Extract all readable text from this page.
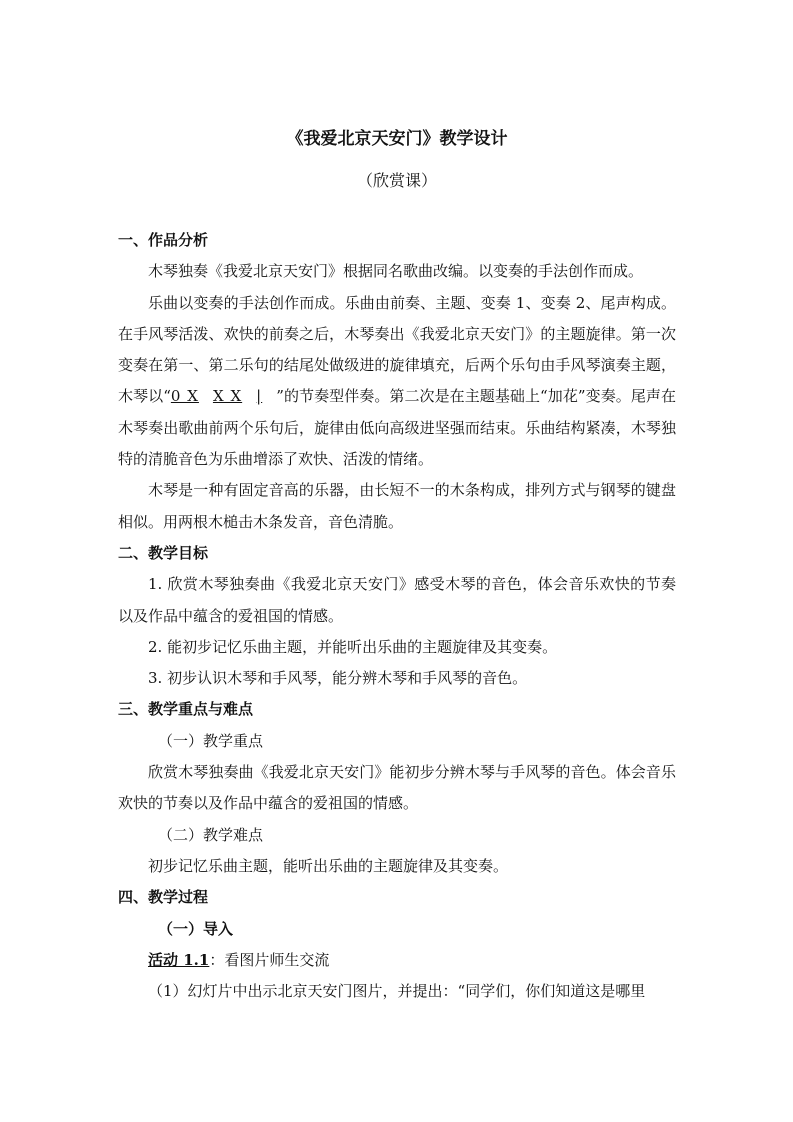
《我爱北京天安门》教学设计
（欣赏课）

一、作品分析

木琴独奏《我爱北京天安门》根据同名歌曲改编。以变奏的手法创作而成。

乐曲以变奏的手法创作而成。乐曲由前奏、主题、变奏 1、变奏 2、尾声构成。在手风琴活泼、欢快的前奏之后，木琴奏出《我爱北京天安门》的主题旋律。第一次变奏在第一、第二乐句的结尾处做级进的旋律填充，后两个乐句由手风琴演奏主题，木琴以“0 X X X | ”的节奏型伴奏。第二次是在主题基础上“加花”变奏。尾声在木琴奏出歌曲前两个乐句后，旋律由低向高级进坚强而结束。乐曲结构紧凑，木琴独特的清脆音色为乐曲增添了欢快、活泼的情绪。

木琴是一种有固定音高的乐器，由长短不一的木条构成，排列方式与钢琴的键盘相似。用两根木槌击木条发音，音色清脆。

二、教学目标

1. 欣赏木琴独奏曲《我爱北京天安门》感受木琴的音色，体会音乐欢快的节奏以及作品中蕴含的爱祖国的情感。

2. 能初步记忆乐曲主题，并能听出乐曲的主题旋律及其变奏。

3. 初步认识木琴和手风琴，能分辨木琴和手风琴的音色。

三、教学重点与难点

（一）教学重点

欣赏木琴独奏曲《我爱北京天安门》能初步分辨木琴与手风琴的音色。体会音乐欢快的节奏以及作品中蕴含的爱祖国的情感。

（二）教学难点

初步记忆乐曲主题，能听出乐曲的主题旋律及其变奏。

四、教学过程

（一）导入

活动 1.1：看图片师生交流

（1）幻灯片中出示北京天安门图片，并提出：“同学们，你们知道这是哪里
